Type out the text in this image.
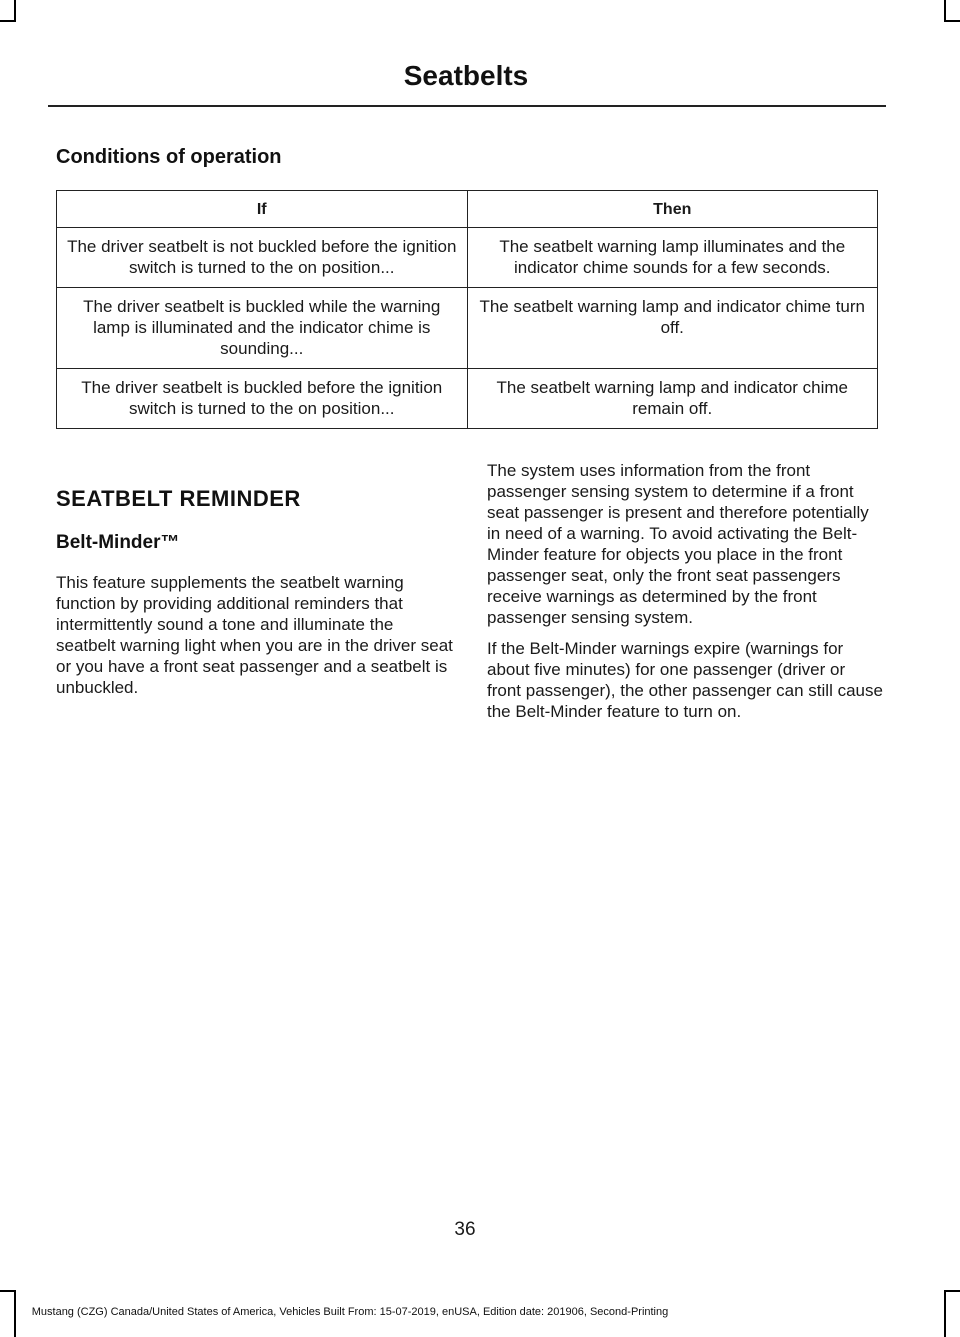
Seatbelts
Conditions of operation
If	Then
The driver seatbelt is not buckled before the ignition switch is turned to the on position...	The seatbelt warning lamp illuminates and the indicator chime sounds for a few seconds.
The driver seatbelt is buckled while the warning lamp is illuminated and the indicator chime is sounding...	The seatbelt warning lamp and indicator chime turn off.
The driver seatbelt is buckled before the ignition switch is turned to the on position...	The seatbelt warning lamp and indicator chime remain off.
SEATBELT REMINDER
Belt-Minder™

This feature supplements the seatbelt warning function by providing additional reminders that intermittently sound a tone and illuminate the seatbelt warning light when you are in the driver seat or you have a front seat passenger and a seatbelt is unbuckled.

The system uses information from the front passenger sensing system to determine if a front seat passenger is present and therefore potentially in need of a warning. To avoid activating the Belt-Minder feature for objects you place in the front passenger seat, only the front seat passengers receive warnings as determined by the front passenger sensing system.

If the Belt-Minder warnings expire (warnings for about five minutes) for one passenger (driver or front passenger), the other passenger can still cause the Belt-Minder feature to turn on.

36
Mustang (CZG) Canada/United States of America, Vehicles Built From: 15-07-2019, enUSA, Edition date: 201906, Second-Printing
